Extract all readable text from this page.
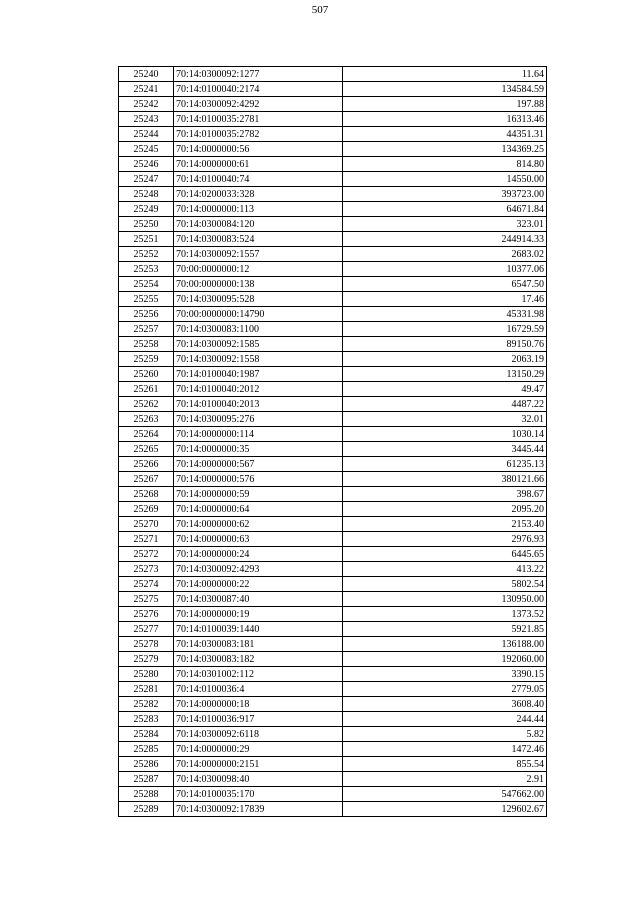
507
25240	70:14:0300092:1277	11.64
25241	70:14:0100040:2174	134584.59
25242	70:14:0300092:4292	197.88
25243	70:14:0100035:2781	16313.46
25244	70:14:0100035:2782	44351.31
25245	70:14:0000000:56	134369.25
25246	70:14:0000000:61	814.80
25247	70:14:0100040:74	14550.00
25248	70:14:0200033:328	393723.00
25249	70:14:0000000:113	64671.84
25250	70:14:0300084:120	323.01
25251	70:14:0300083:524	244914.33
25252	70:14:0300092:1557	2683.02
25253	70:00:0000000:12	10377.06
25254	70:00:0000000:138	6547.50
25255	70:14:0300095:528	17.46
25256	70:00:0000000:14790	45331.98
25257	70:14:0300083:1100	16729.59
25258	70:14:0300092:1585	89150.76
25259	70:14:0300092:1558	2063.19
25260	70:14:0100040:1987	13150.29
25261	70:14:0100040:2012	49.47
25262	70:14:0100040:2013	4487.22
25263	70:14:0300095:276	32.01
25264	70:14:0000000:114	1030.14
25265	70:14:0000000:35	3445.44
25266	70:14:0000000:567	61235.13
25267	70:14:0000000:576	380121.66
25268	70:14:0000000:59	398.67
25269	70:14:0000000:64	2095.20
25270	70:14:0000000:62	2153.40
25271	70:14:0000000:63	2976.93
25272	70:14:0000000:24	6445.65
25273	70:14:0300092:4293	413.22
25274	70:14:0000000:22	5802.54
25275	70:14:0300087:40	130950.00
25276	70:14:0000000:19	1373.52
25277	70:14:0100039:1440	5921.85
25278	70:14:0300083:181	136188.00
25279	70:14:0300083:182	192060.00
25280	70:14:0301002:112	3390.15
25281	70:14:0100036:4	2779.05
25282	70:14:0000000:18	3608.40
25283	70:14:0100036:917	244.44
25284	70:14:0300092:6118	5.82
25285	70:14:0000000:29	1472.46
25286	70:14:0000000:2151	855.54
25287	70:14:0300098:40	2.91
25288	70:14:0100035:170	547662.00
25289	70:14:0300092:17839	129602.67
